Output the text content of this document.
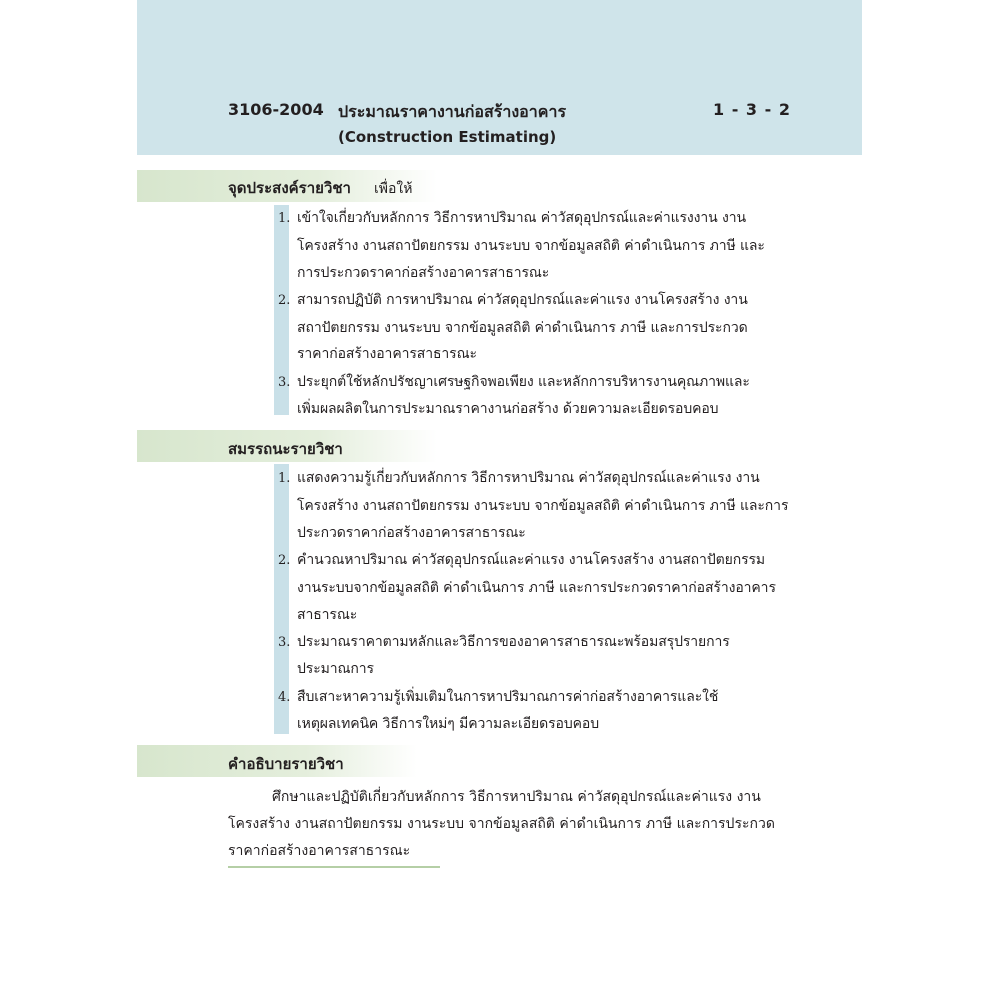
3106-2004 ประมาณราคางานก่อสร้างอาคาร
(Construction Estimating)
1 - 3 - 2
จุดประสงค์รายวิชา เพื่อให้
1. เข้าใจเกี่ยวกับหลักการ วิธีการหาปริมาณ ค่าวัสดุอุปกรณ์และค่าแรงงาน งาน
โครงสร้าง งานสถาปัตยกรรม งานระบบ จากข้อมูลสถิติ ค่าดำเนินการ ภาษี และ
การประกวดราคาก่อสร้างอาคารสาธารณะ
2. สามารถปฏิบัติ การหาปริมาณ ค่าวัสดุอุปกรณ์และค่าแรง งานโครงสร้าง งาน
สถาปัตยกรรม งานระบบ จากข้อมูลสถิติ ค่าดำเนินการ ภาษี และการประกวด
ราคาก่อสร้างอาคารสาธารณะ
3. ประยุกต์ใช้หลักปรัชญาเศรษฐกิจพอเพียง และหลักการบริหารงานคุณภาพและ
เพิ่มผลผลิตในการประมาณราคางานก่อสร้าง ด้วยความละเอียดรอบคอบ
สมรรถนะรายวิชา
1. แสดงความรู้เกี่ยวกับหลักการ วิธีการหาปริมาณ ค่าวัสดุอุปกรณ์และค่าแรง งาน
โครงสร้าง งานสถาปัตยกรรม งานระบบ จากข้อมูลสถิติ ค่าดำเนินการ ภาษี และการ
ประกวดราคาก่อสร้างอาคารสาธารณะ
2. คำนวณหาปริมาณ ค่าวัสดุอุปกรณ์และค่าแรง งานโครงสร้าง งานสถาปัตยกรรม
งานระบบจากข้อมูลสถิติ ค่าดำเนินการ ภาษี และการประกวดราคาก่อสร้างอาคาร
สาธารณะ
3. ประมาณราคาตามหลักและวิธีการของอาคารสาธารณะพร้อมสรุปรายการ
ประมาณการ
4. สืบเสาะหาความรู้เพิ่มเติมในการหาปริมาณการค่าก่อสร้างอาคารและใช้
เหตุผลเทคนิค วิธีการใหม่ๆ มีความละเอียดรอบคอบ
คำอธิบายรายวิชา
ศึกษาและปฏิบัติเกี่ยวกับหลักการ วิธีการหาปริมาณ ค่าวัสดุอุปกรณ์และค่าแรง งาน
โครงสร้าง งานสถาปัตยกรรม งานระบบ จากข้อมูลสถิติ ค่าดำเนินการ ภาษี และการประกวด
ราคาก่อสร้างอาคารสาธารณะ
